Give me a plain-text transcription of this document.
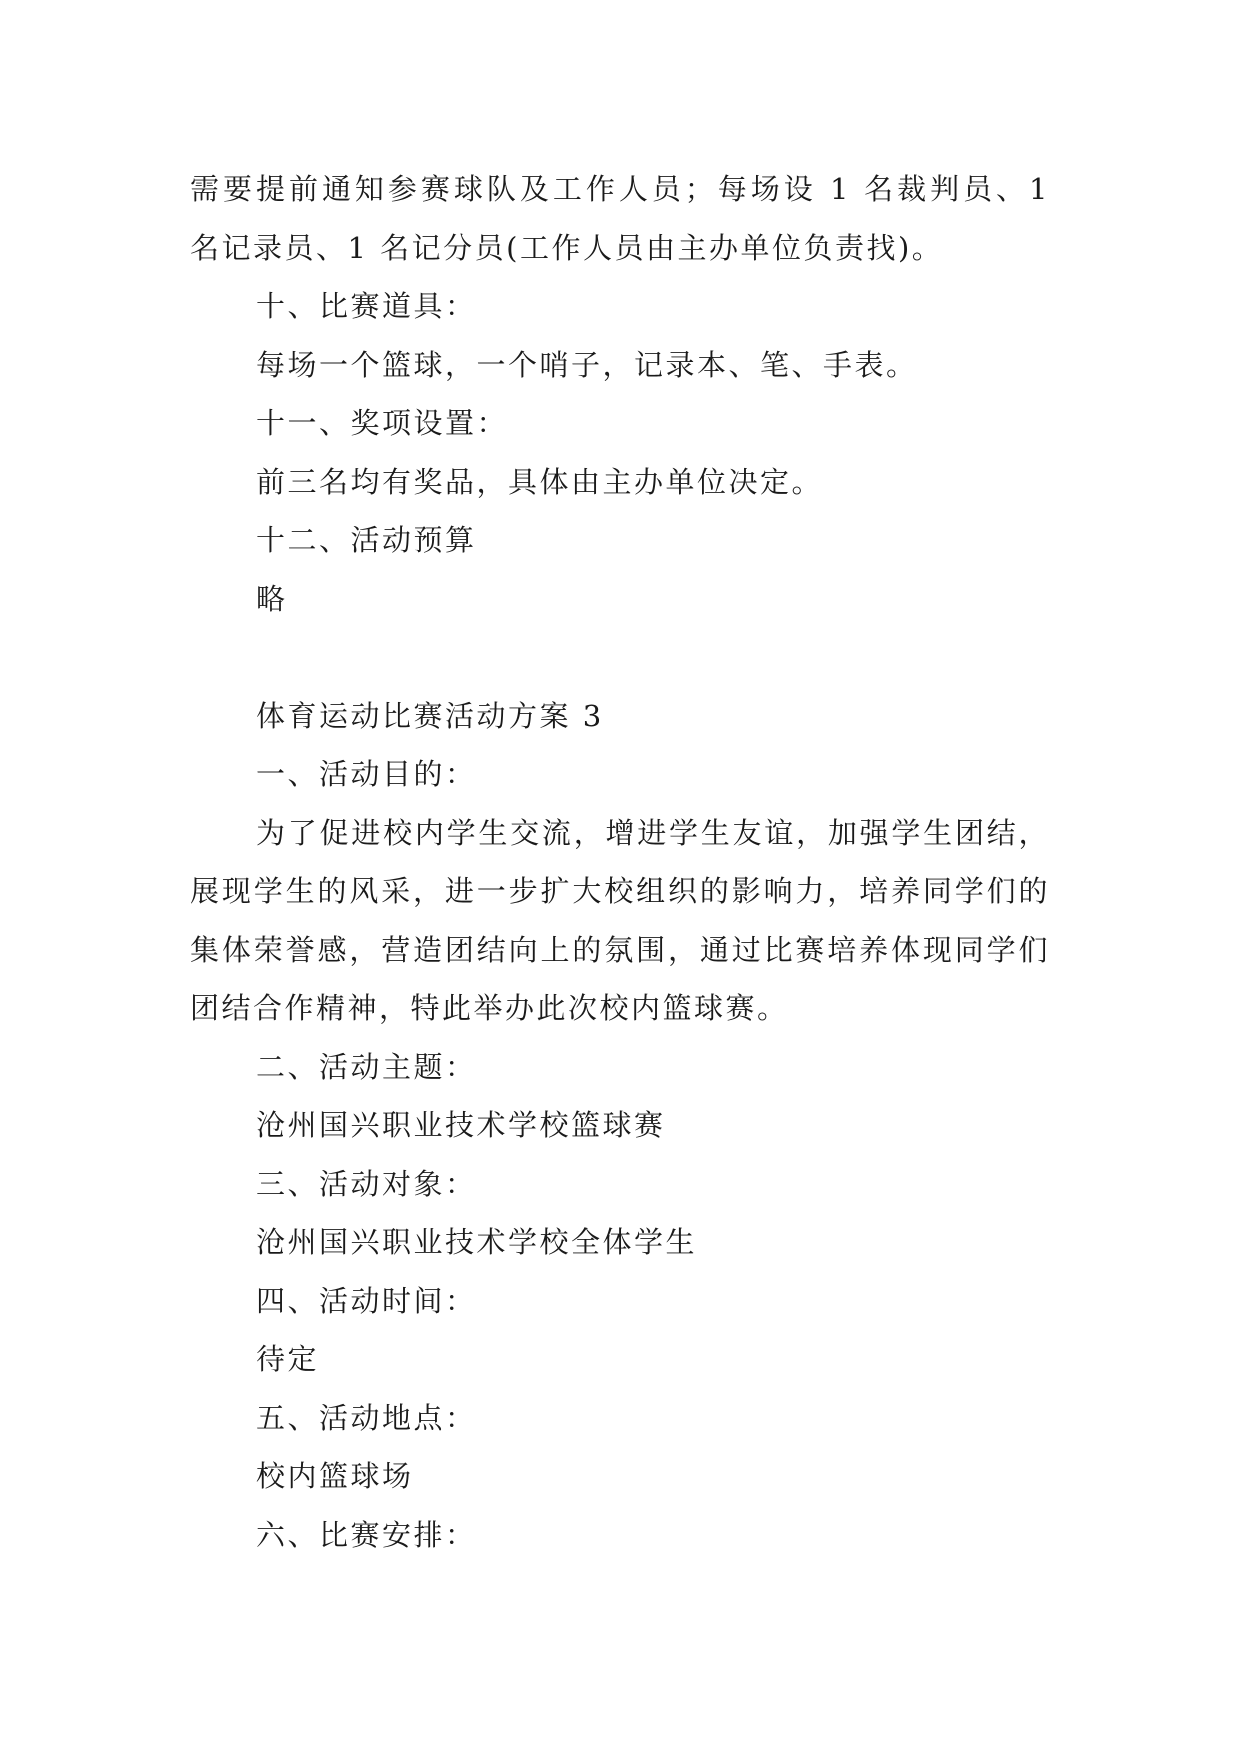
需要提前通知参赛球队及工作人员；每场设 1 名裁判员、1 名记录员、1 名记分员(工作人员由主办单位负责找)。

十、比赛道具：

每场一个篮球，一个哨子，记录本、笔、手表。

十一、奖项设置：

前三名均有奖品，具体由主办单位决定。

十二、活动预算

略

体育运动比赛活动方案 3

一、活动目的：

为了促进校内学生交流，增进学生友谊，加强学生团结，展现学生的风采，进一步扩大校组织的影响力，培养同学们的集体荣誉感，营造团结向上的氛围，通过比赛培养体现同学们团结合作精神，特此举办此次校内篮球赛。

二、活动主题：

沧州国兴职业技术学校篮球赛

三、活动对象：

沧州国兴职业技术学校全体学生

四、活动时间：

待定

五、活动地点：

校内篮球场

六、比赛安排：
